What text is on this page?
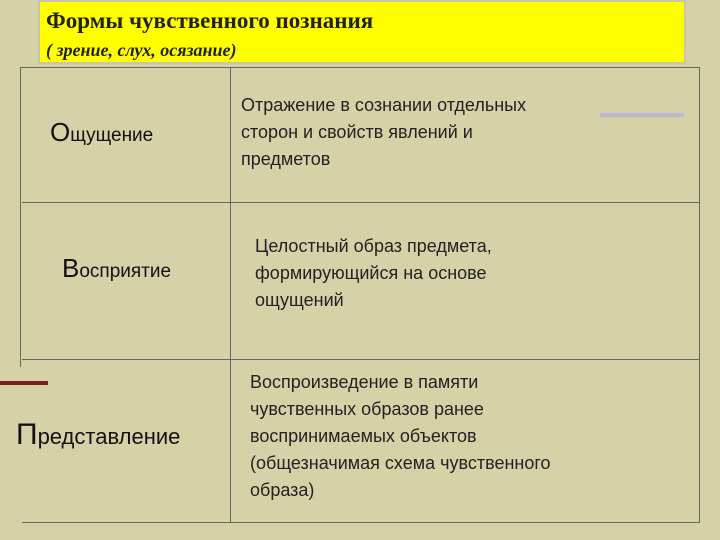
Формы чувственного познания
( зрение, слух, осязание)
Ощущение
Отражение в сознании отдельных
сторон и свойств явлений и
предметов
Восприятие
Целостный образ предмета,
формирующийся на основе
ощущений
Представление
Воспроизведение в памяти
чувственных образов ранее
воспринимаемых объектов
(общезначимая схема чувственного
образа)
